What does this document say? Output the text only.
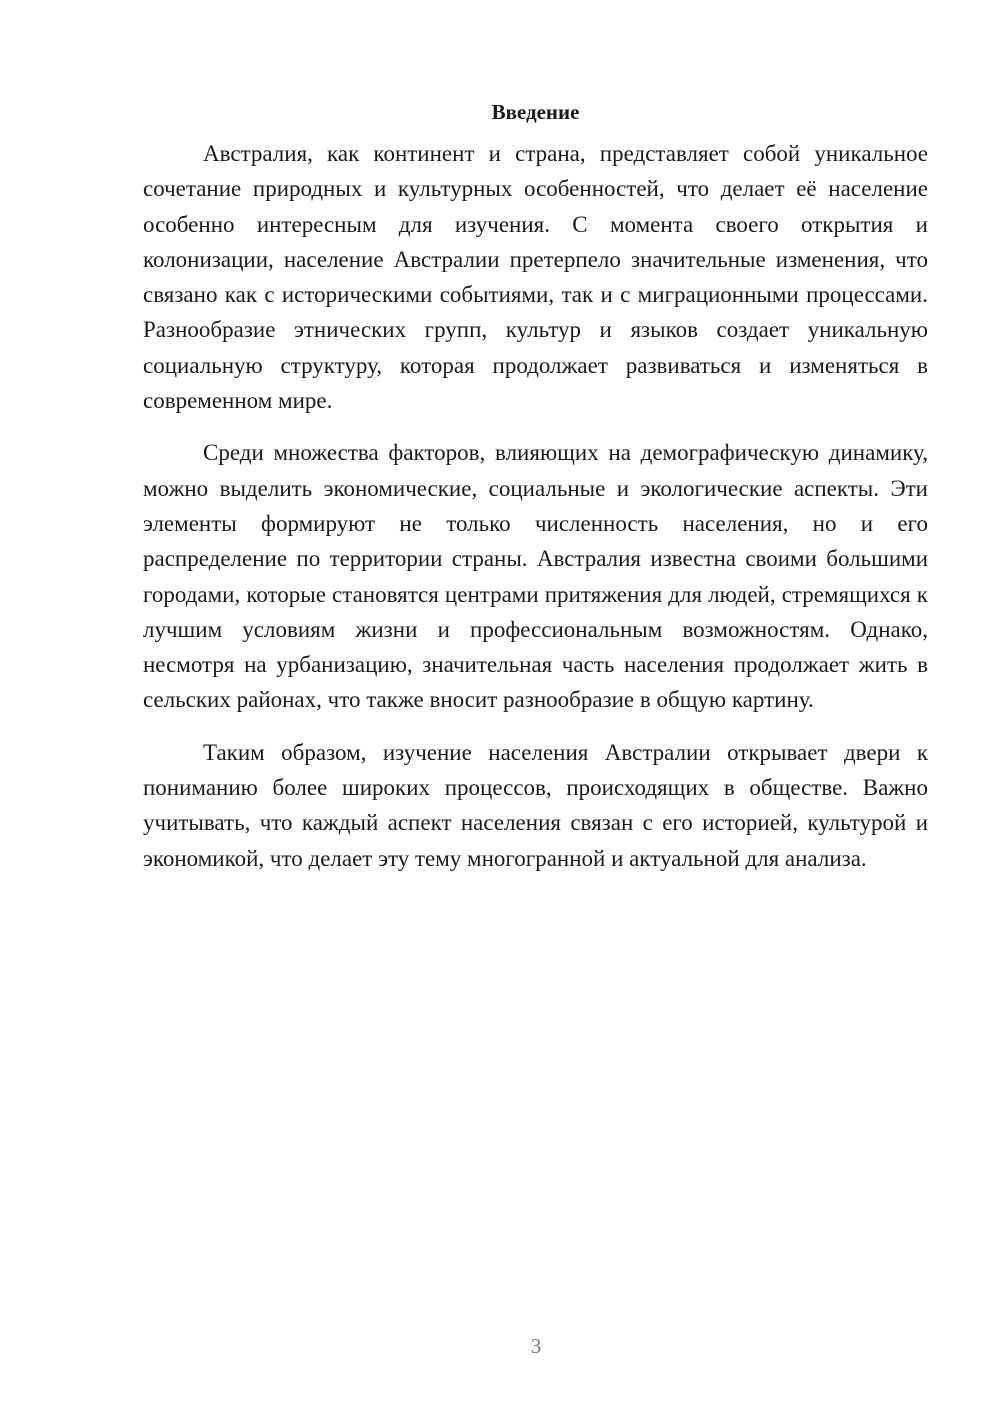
Введение

Австралия, как континент и страна, представляет собой уникальное сочетание природных и культурных особенностей, что делает её население особенно интересным для изучения. С момента своего открытия и колонизации, население Австралии претерпело значительные изменения, что связано как с историческими событиями, так и с миграционными процессами. Разнообразие этнических групп, культур и языков создает уникальную социальную структуру, которая продолжает развиваться и изменяться в современном мире.

Среди множества факторов, влияющих на демографическую динамику, можно выделить экономические, социальные и экологические аспекты. Эти элементы формируют не только численность населения, но и его распределение по территории страны. Австралия известна своими большими городами, которые становятся центрами притяжения для людей, стремящихся к лучшим условиям жизни и профессиональным возможностям. Однако, несмотря на урбанизацию, значительная часть населения продолжает жить в сельских районах, что также вносит разнообразие в общую картину.

Таким образом, изучение населения Австралии открывает двери к пониманию более широких процессов, происходящих в обществе. Важно учитывать, что каждый аспект населения связан с его историей, культурой и экономикой, что делает эту тему многогранной и актуальной для анализа.

3
